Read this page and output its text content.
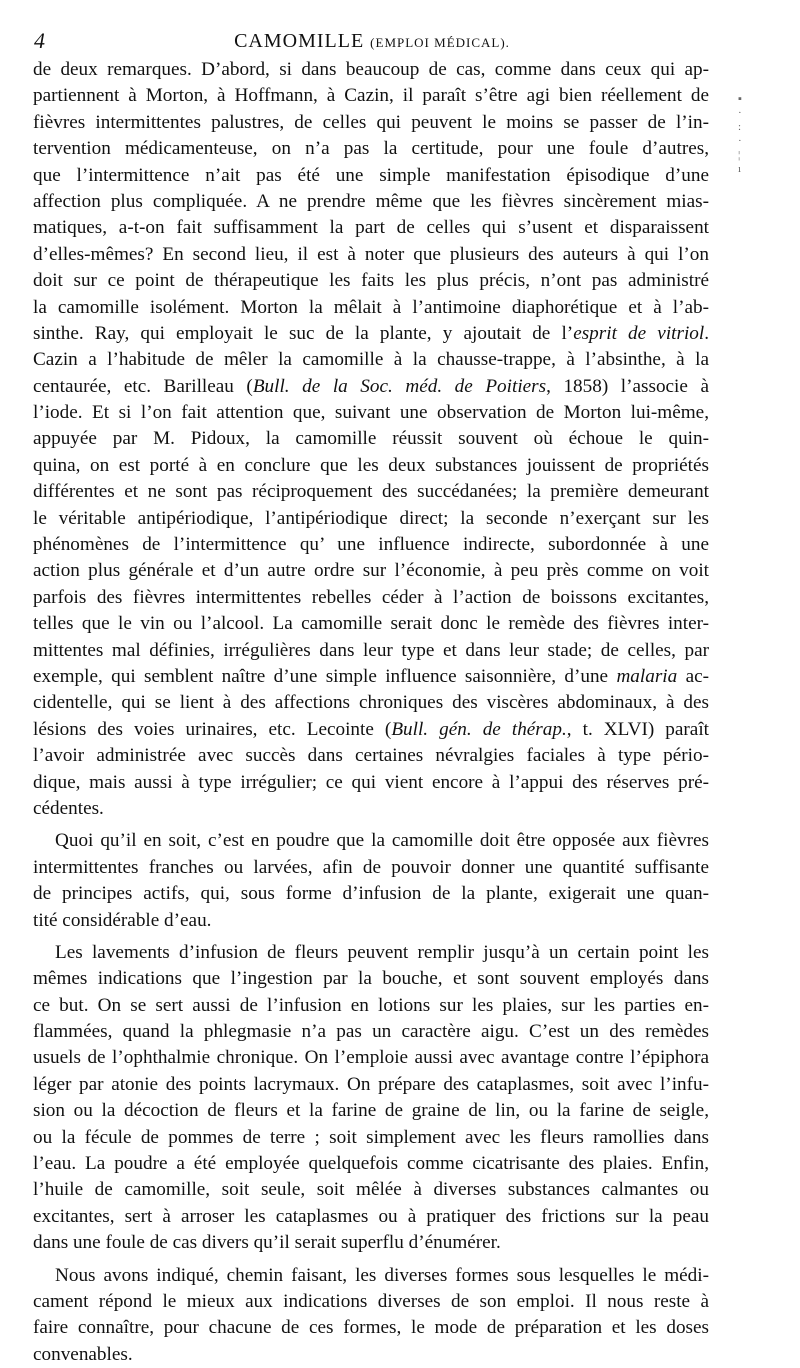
4	CAMOMILLE (EMPLOI MÉDICAL).
▪
·
:
·
¦
ı
de deux remarques. D’abord, si dans beaucoup de cas, comme dans ceux qui ap-
partiennent à Morton, à Hoffmann, à Cazin, il paraît s’être agi bien réellement de
fièvres intermittentes palustres, de celles qui peuvent le moins se passer de l’in-
tervention médicamenteuse, on n’a pas la certitude, pour une foule d’autres,
que l’intermittence n’ait pas été une simple manifestation épisodique d’une
affection plus compliquée. A ne prendre même que les fièvres sincèrement mias-
matiques, a-t-on fait suffisamment la part de celles qui s’usent et disparaissent
d’elles-mêmes? En second lieu, il est à noter que plusieurs des auteurs à qui l’on
doit sur ce point de thérapeutique les faits les plus précis, n’ont pas administré
la camomille isolément. Morton la mêlait à l’antimoine diaphorétique et à l’ab-
sinthe. Ray, qui employait le suc de la plante, y ajoutait de l’esprit de vitriol.
Cazin a l’habitude de mêler la camomille à la chausse-trappe, à l’absinthe, à la
centaurée, etc. Barilleau (Bull. de la Soc. méd. de Poitiers, 1858) l’associe à
l’iode. Et si l’on fait attention que, suivant une observation de Morton lui-même,
appuyée par M. Pidoux, la camomille réussit souvent où échoue le quin-
quina, on est porté à en conclure que les deux substances jouissent de propriétés
différentes et ne sont pas réciproquement des succédanées; la première demeurant
le véritable antipériodique, l’antipériodique direct; la seconde n’exerçant sur les
phénomènes de l’intermittence qu’ une influence indirecte, subordonnée à une
action plus générale et d’un autre ordre sur l’économie, à peu près comme on voit
parfois des fièvres intermittentes rebelles céder à l’action de boissons excitantes,
telles que le vin ou l’alcool. La camomille serait donc le remède des fièvres inter-
mittentes mal définies, irrégulières dans leur type et dans leur stade; de celles, par
exemple, qui semblent naître d’une simple influence saisonnière, d’une malaria ac-
cidentelle, qui se lient à des affections chroniques des viscères abdominaux, à des
lésions des voies urinaires, etc. Lecointe (Bull. gén. de thérap., t. XLVI) paraît
l’avoir administrée avec succès dans certaines névralgies faciales à type pério-
dique, mais aussi à type irrégulier; ce qui vient encore à l’appui des réserves pré-
cédentes.
Quoi qu’il en soit, c’est en poudre que la camomille doit être opposée aux fièvres
intermittentes franches ou larvées, afin de pouvoir donner une quantité suffisante
de principes actifs, qui, sous forme d’infusion de la plante, exigerait une quan-
tité considérable d’eau.
Les lavements d’infusion de fleurs peuvent remplir jusqu’à un certain point les
mêmes indications que l’ingestion par la bouche, et sont souvent employés dans
ce but. On se sert aussi de l’infusion en lotions sur les plaies, sur les parties en-
flammées, quand la phlegmasie n’a pas un caractère aigu. C’est un des remèdes
usuels de l’ophthalmie chronique. On l’emploie aussi avec avantage contre l’épiphora
léger par atonie des points lacrymaux. On prépare des cataplasmes, soit avec l’infu-
sion ou la décoction de fleurs et la farine de graine de lin, ou la farine de seigle,
ou la fécule de pommes de terre ; soit simplement avec les fleurs ramollies dans
l’eau. La poudre a été employée quelquefois comme cicatrisante des plaies. Enfin,
l’huile de camomille, soit seule, soit mêlée à diverses substances calmantes ou
excitantes, sert à arroser les cataplasmes ou à pratiquer des frictions sur la peau
dans une foule de cas divers qu’il serait superflu d’énumérer.
Nous avons indiqué, chemin faisant, les diverses formes sous lesquelles le médi-
cament répond le mieux aux indications diverses de son emploi. Il nous reste à
faire connaître, pour chacune de ces formes, le mode de préparation et les doses
convenables.
